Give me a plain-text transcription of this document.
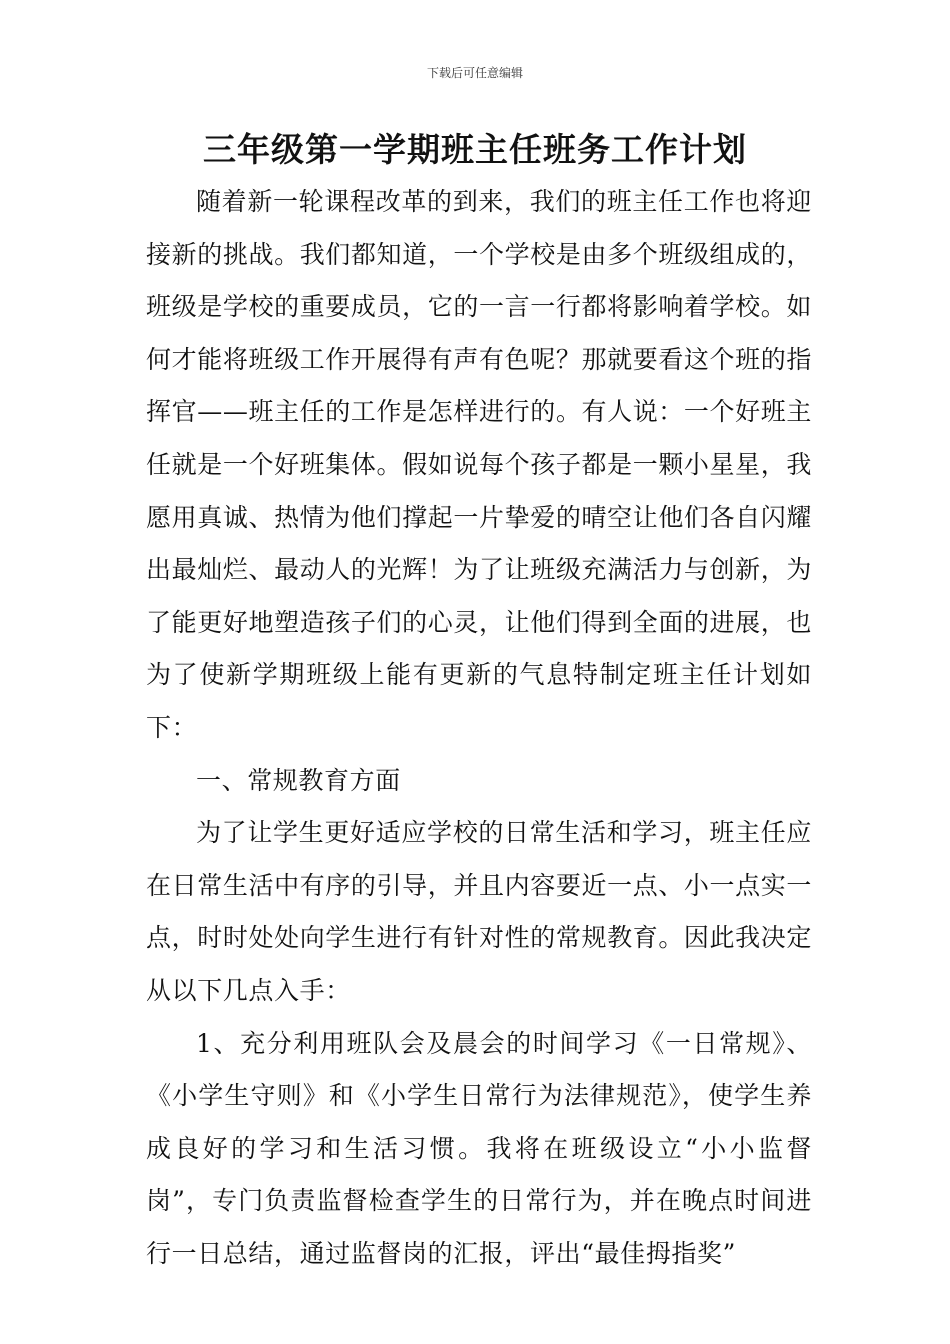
下载后可任意编辑
三年级第一学期班主任班务工作计划

随着新一轮课程改革的到来，我们的班主任工作也将迎接新的挑战。我们都知道，一个学校是由多个班级组成的，班级是学校的重要成员，它的一言一行都将影响着学校。如何才能将班级工作开展得有声有色呢？那就要看这个班的指挥官——班主任的工作是怎样进行的。有人说：一个好班主任就是一个好班集体。假如说每个孩子都是一颗小星星，我愿用真诚、热情为他们撑起一片挚爱的晴空让他们各自闪耀出最灿烂、最动人的光辉！为了让班级充满活力与创新，为了能更好地塑造孩子们的心灵，让他们得到全面的进展，也为了使新学期班级上能有更新的气息特制定班主任计划如下：

一、常规教育方面

为了让学生更好适应学校的日常生活和学习，班主任应在日常生活中有序的引导，并且内容要近一点、小一点实一点，时时处处向学生进行有针对性的常规教育。因此我决定从以下几点入手：

1、充分利用班队会及晨会的时间学习《一日常规》、《小学生守则》和《小学生日常行为法律规范》，使学生养成良好的学习和生活习惯。我将在班级设立“小小监督岗”，专门负责监督检查学生的日常行为，并在晚点时间进行一日总结，通过监督岗的汇报，评出“最佳拇指奖”
